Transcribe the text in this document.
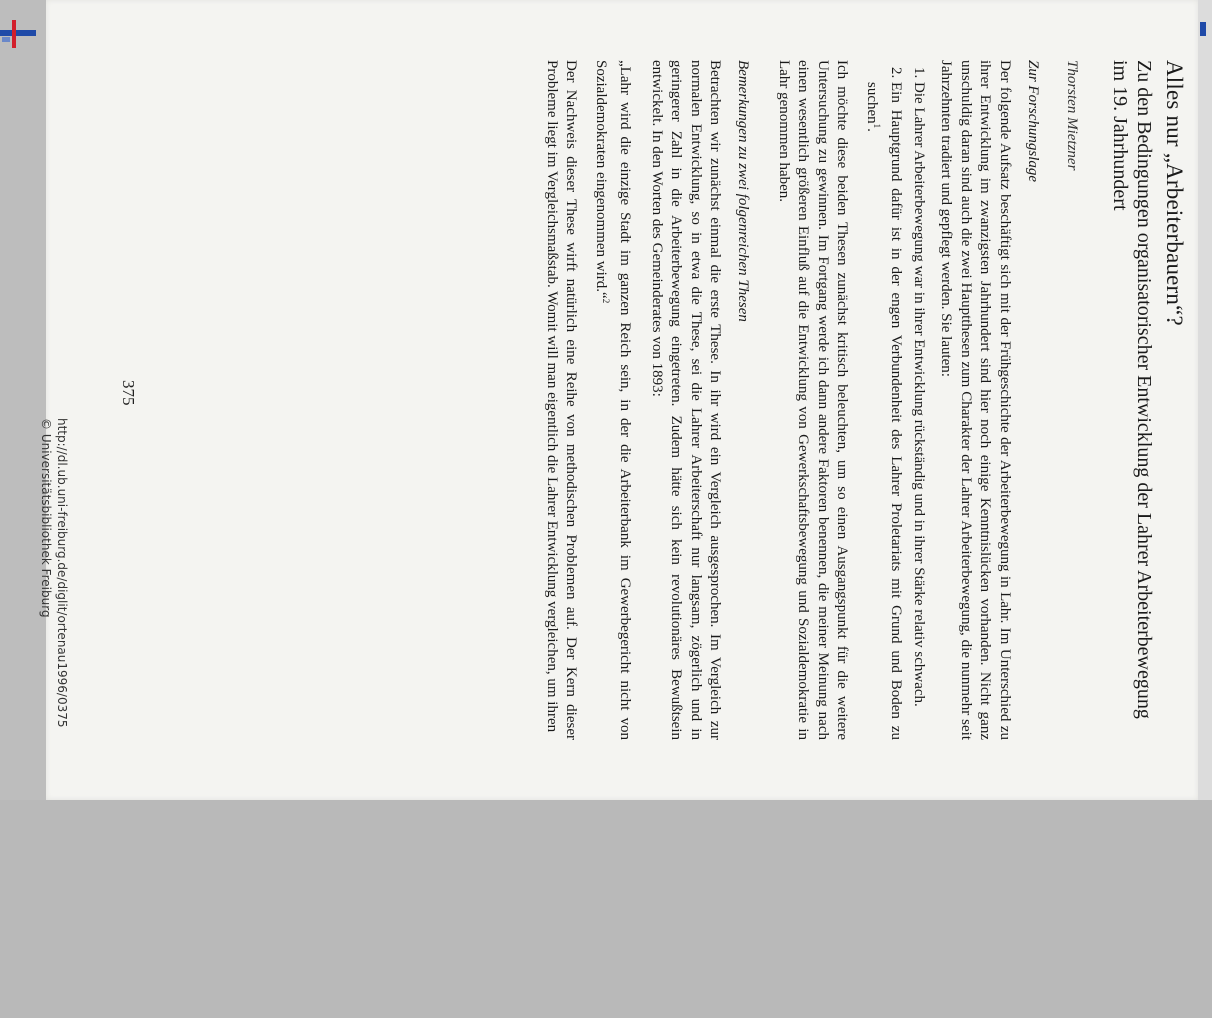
Alles nur „Arbeiterbauern“?
Zu den Bedingungen organisatorischer Entwicklung der Lahrer Arbeiterbewegung im 19. Jahrhundert
Thorsten Mietzner
Zur Forschungslage

Der folgende Aufsatz beschäftigt sich mit der Frühgeschichte der Arbeiterbewegung in Lahr. Im Unterschied zu ihrer Entwicklung im zwanzigsten Jahrhundert sind hier noch einige Kenntnislücken vorhanden. Nicht ganz unschuldig daran sind auch die zwei Hauptthesen zum Charakter der Lahrer Arbeiterbewegung, die nunmehr seit Jahrzehnten tradiert und gepflegt werden. Sie lauten:

1. Die Lahrer Arbeiterbewegung war in ihrer Entwicklung rückständig und in ihrer Stärke relativ schwach.
2. Ein Hauptgrund dafür ist in der engen Verbundenheit des Lahrer Proletariats mit Grund und Boden zu suchen$^1$.

Ich möchte diese beiden Thesen zunächst kritisch beleuchten, um so einen Ausgangspunkt für die weitere Untersuchung zu gewinnen. Im Fortgang werde ich dann andere Faktoren benennen, die meiner Meinung nach einen wesentlich größeren Einfluß auf die Entwicklung von Gewerkschaftsbewegung und Sozialdemokratie in Lahr genommen haben.

Bemerkungen zu zwei folgenreichen Thesen

Betrachten wir zunächst einmal die erste These. In ihr wird ein Vergleich ausgesprochen. Im Vergleich zur normalen Entwicklung, so in etwa die These, sei die Lahrer Arbeiterschaft nur langsam, zögerlich und in geringerer Zahl in die Arbeiterbewegung eingetreten. Zudem hätte sich kein revolutionäres Bewußtsein entwickelt. In den Worten des Gemeinderates von 1893:

„Lahr wird die einzige Stadt im ganzen Reich sein, in der die Arbeiterbank im Gewerbegericht nicht von Sozialdemokraten eingenommen wird.“$^2$

Der Nachweis dieser These wirft natürlich eine Reihe von methodischen Problemen auf. Der Kern dieser Probleme liegt im Vergleichsmaßstab. Womit will man eigentlich die Lahrer Entwicklung vergleichen, um ihren

375
http://dl.ub.uni-freiburg.de/diglit/ortenau1996/0375
© Universitätsbibliothek Freiburg
